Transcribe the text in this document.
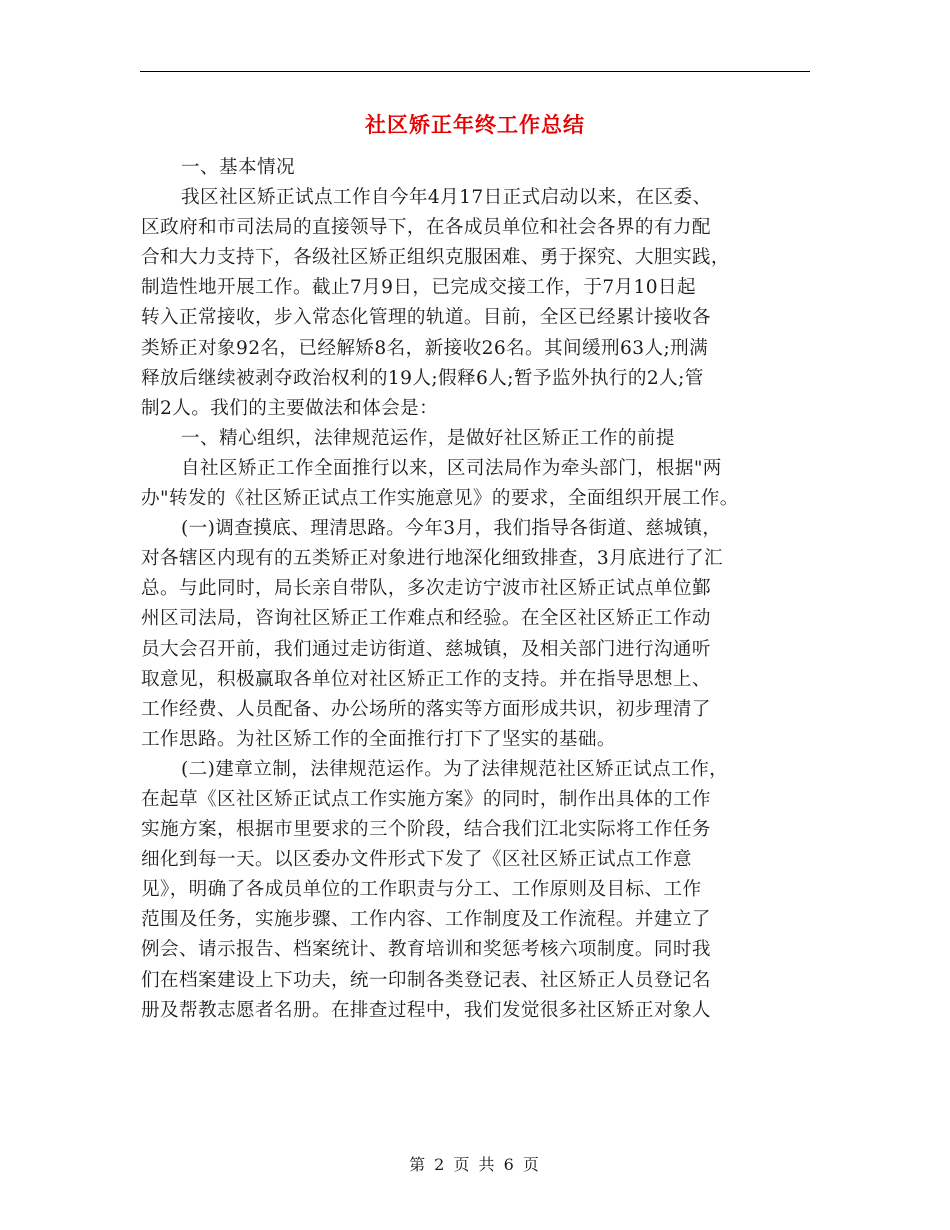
社区矫正年终工作总结
一、基本情况
我区社区矫正试点工作自今年4月17日正式启动以来，在区委、
区政府和市司法局的直接领导下，在各成员单位和社会各界的有力配
合和大力支持下，各级社区矫正组织克服困难、勇于探究、大胆实践，
制造性地开展工作。截止7月9日，已完成交接工作，于7月10日起
转入正常接收，步入常态化管理的轨道。目前，全区已经累计接收各
类矫正对象92名，已经解矫8名，新接收26名。其间缓刑63人;刑满
释放后继续被剥夺政治权利的19人;假释6人;暂予监外执行的2人;管
制2人。我们的主要做法和体会是：
一、精心组织，法律规范运作，是做好社区矫正工作的前提
自社区矫正工作全面推行以来，区司法局作为牵头部门，根据"两
办"转发的《社区矫正试点工作实施意见》的要求，全面组织开展工作。
(一)调查摸底、理清思路。今年3月，我们指导各街道、慈城镇，
对各辖区内现有的五类矫正对象进行地深化细致排查，3月底进行了汇
总。与此同时，局长亲自带队，多次走访宁波市社区矫正试点单位鄞
州区司法局，咨询社区矫正工作难点和经验。在全区社区矫正工作动
员大会召开前，我们通过走访街道、慈城镇，及相关部门进行沟通听
取意见，积极赢取各单位对社区矫正工作的支持。并在指导思想上、
工作经费、人员配备、办公场所的落实等方面形成共识，初步理清了
工作思路。为社区矫工作的全面推行打下了坚实的基础。
(二)建章立制，法律规范运作。为了法律规范社区矫正试点工作，
在起草《区社区矫正试点工作实施方案》的同时，制作出具体的工作
实施方案，根据市里要求的三个阶段，结合我们江北实际将工作任务
细化到每一天。以区委办文件形式下发了《区社区矫正试点工作意
见》，明确了各成员单位的工作职责与分工、工作原则及目标、工作
范围及任务，实施步骤、工作内容、工作制度及工作流程。并建立了
例会、请示报告、档案统计、教育培训和奖惩考核六项制度。同时我
们在档案建设上下功夫，统一印制各类登记表、社区矫正人员登记名
册及帮教志愿者名册。在排查过程中，我们发觉很多社区矫正对象人
第 2 页 共 6 页
